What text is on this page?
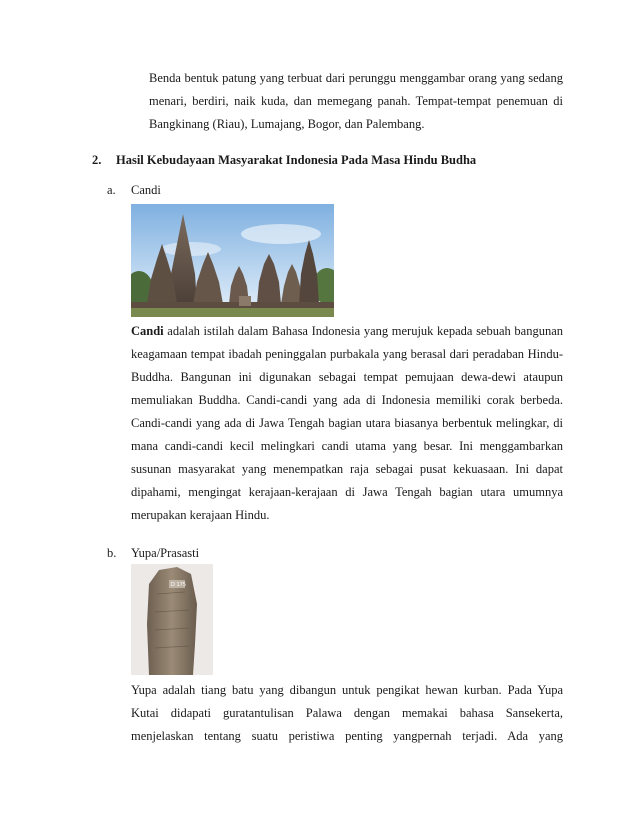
Benda bentuk patung yang terbuat dari perunggu menggambar orang yang sedang
menari, berdiri, naik kuda, dan memegang panah. Tempat-tempat penemuan di
Bangkinang (Riau), Lumajang, Bogor, dan Palembang.
2. Hasil Kebudayaan Masyarakat Indonesia Pada Masa Hindu Budha
a. Candi
Candi adalah istilah dalam Bahasa Indonesia yang merujuk kepada sebuah bangunan
keagamaan tempat ibadah peninggalan purbakala yang berasal dari peradaban Hindu-
Buddha. Bangunan ini digunakan sebagai tempat pemujaan dewa-dewi ataupun
memuliakan Buddha. Candi-candi yang ada di Indonesia memiliki corak berbeda.
Candi-candi yang ada di Jawa Tengah bagian utara biasanya berbentuk melingkar, di
mana candi-candi kecil melingkari candi utama yang besar. Ini menggambarkan
susunan masyarakat yang menempatkan raja sebagai pusat kekuasaan. Ini dapat
dipahami, mengingat kerajaan-kerajaan di Jawa Tengah bagian utara umumnya
merupakan kerajaan Hindu.
b. Yupa/Prasasti
D 175
Yupa adalah tiang batu yang dibangun untuk pengikat hewan kurban. Pada Yupa
Kutai didapati guratantulisan Palawa dengan memakai bahasa Sansekerta,
menjelaskan tentang suatu peristiwa penting yangpernah terjadi. Ada yang
